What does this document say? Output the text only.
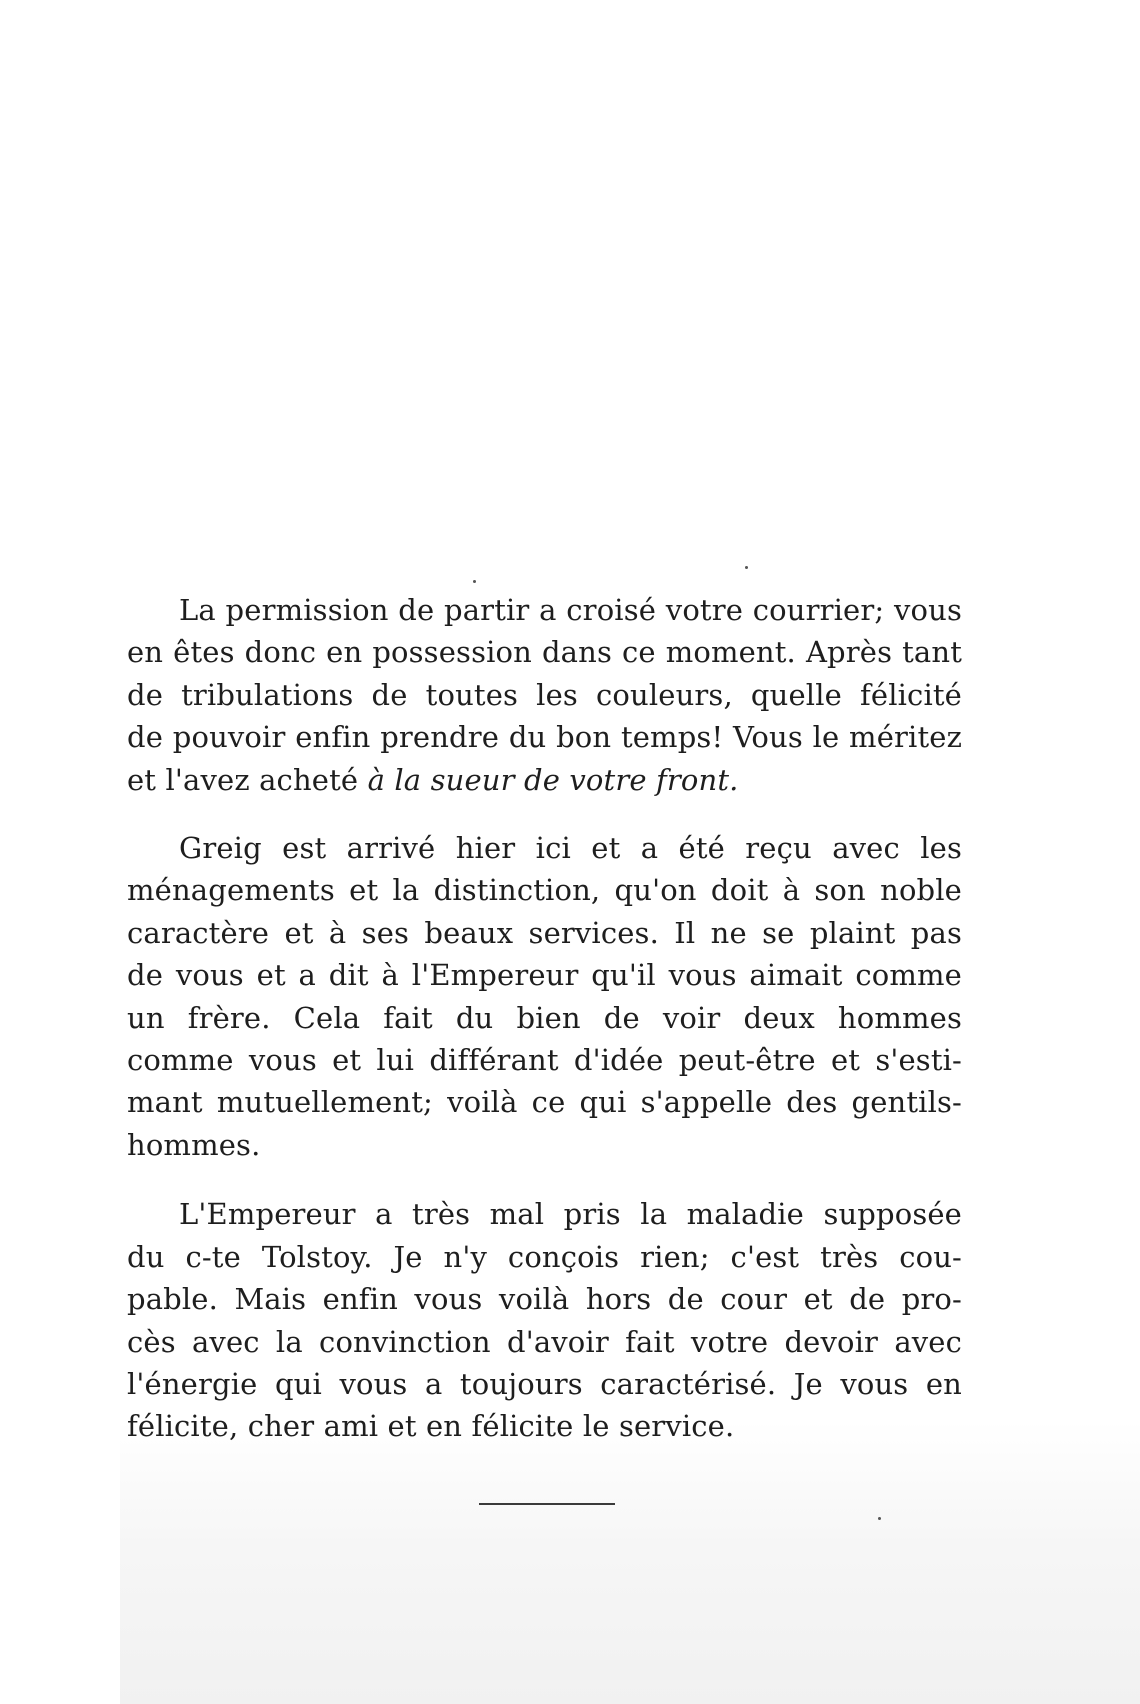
La permission de partir a croisé votre courrier; vous
en êtes donc en possession dans ce moment. Après tant
de tribulations de toutes les couleurs, quelle félicité
de pouvoir enfin prendre du bon temps! Vous le méritez
et l'avez acheté à la sueur de votre front.
Greig est arrivé hier ici et a été reçu avec les
ménagements et la distinction, qu'on doit à son noble
caractère et à ses beaux services. Il ne se plaint pas
de vous et a dit à l'Empereur qu'il vous aimait comme
un frère. Cela fait du bien de voir deux hommes
comme vous et lui différant d'idée peut-être et s'esti-
mant mutuellement; voilà ce qui s'appelle des gentils-
hommes.
L'Empereur a très mal pris la maladie supposée
du c-te Tolstoy. Je n'y conçois rien; c'est très cou-
pable. Mais enfin vous voilà hors de cour et de pro-
cès avec la convinction d'avoir fait votre devoir avec
l'énergie qui vous a toujours caractérisé. Je vous en
félicite, cher ami et en félicite le service.
